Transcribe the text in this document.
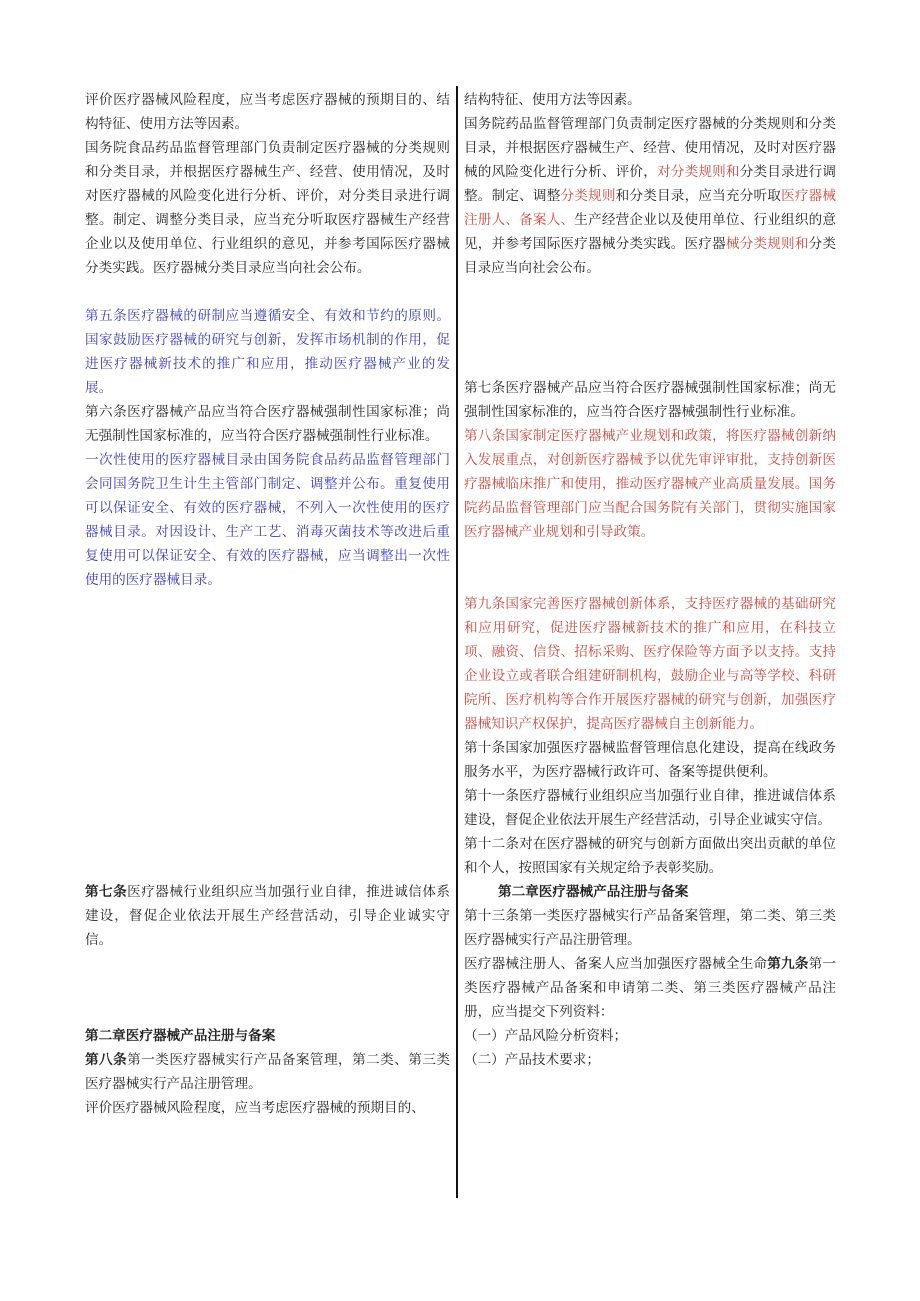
评价医疗器械风险程度，应当考虑医疗器械的预期目的、结构特征、使用方法等因素。

国务院食品药品监督管理部门负责制定医疗器械的分类规则和分类目录，并根据医疗器械生产、经营、使用情况，及时对医疗器械的风险变化进行分析、评价，对分类目录进行调整。制定、调整分类目录，应当充分听取医疗器械生产经营企业以及使用单位、行业组织的意见，并参考国际医疗器械分类实践。医疗器械分类目录应当向社会公布。

第五条医疗器械的研制应当遵循安全、有效和节约的原则。国家鼓励医疗器械的研究与创新，发挥市场机制的作用，促进医疗器械新技术的推广和应用，推动医疗器械产业的发展。

第六条医疗器械产品应当符合医疗器械强制性国家标准；尚无强制性国家标准的，应当符合医疗器械强制性行业标准。

一次性使用的医疗器械目录由国务院食品药品监督管理部门会同国务院卫生计生主管部门制定、调整并公布。重复使用可以保证安全、有效的医疗器械，不列入一次性使用的医疗器械目录。对因设计、生产工艺、消毒灭菌技术等改进后重复使用可以保证安全、有效的医疗器械，应当调整出一次性使用的医疗器械目录。

第七条医疗器械行业组织应当加强行业自律，推进诚信体系建设，督促企业依法开展生产经营活动，引导企业诚实守信。

第二章医疗器械产品注册与备案

第八条第一类医疗器械实行产品备案管理，第二类、第三类医疗器械实行产品注册管理。

评价医疗器械风险程度，应当考虑医疗器械的预期目的、

结构特征、使用方法等因素。

国务院药品监督管理部门负责制定医疗器械的分类规则和分类目录，并根据医疗器械生产、经营、使用情况，及时对医疗器械的风险变化进行分析、评价，对分类规则和分类目录进行调整。制定、调整分类规则和分类目录，应当充分听取医疗器械注册人、备案人、生产经营企业以及使用单位、行业组织的意见，并参考国际医疗器械分类实践。医疗器械分类规则和分类目录应当向社会公布。

第七条医疗器械产品应当符合医疗器械强制性国家标准；尚无强制性国家标准的，应当符合医疗器械强制性行业标准。

第八条国家制定医疗器械产业规划和政策，将医疗器械创新纳入发展重点，对创新医疗器械予以优先审评审批，支持创新医疗器械临床推广和使用，推动医疗器械产业高质量发展。国务院药品监督管理部门应当配合国务院有关部门，贯彻实施国家医疗器械产业规划和引导政策。

第九条国家完善医疗器械创新体系，支持医疗器械的基础研究和应用研究，促进医疗器械新技术的推广和应用，在科技立项、融资、信贷、招标采购、医疗保险等方面予以支持。支持企业设立或者联合组建研制机构，鼓励企业与高等学校、科研院所、医疗机构等合作开展医疗器械的研究与创新，加强医疗器械知识产权保护，提高医疗器械自主创新能力。

第十条国家加强医疗器械监督管理信息化建设，提高在线政务服务水平，为医疗器械行政许可、备案等提供便利。

第十一条医疗器械行业组织应当加强行业自律，推进诚信体系建设，督促企业依法开展生产经营活动，引导企业诚实守信。

第十二条对在医疗器械的研究与创新方面做出突出贡献的单位和个人，按照国家有关规定给予表彰奖励。

第二章医疗器械产品注册与备案

第十三条第一类医疗器械实行产品备案管理，第二类、第三类医疗器械实行产品注册管理。

医疗器械注册人、备案人应当加强医疗器械全生命第九条第一类医疗器械产品备案和申请第二类、第三类医疗器械产品注册，应当提交下列资料：

（一）产品风险分析资料；

（二）产品技术要求；
